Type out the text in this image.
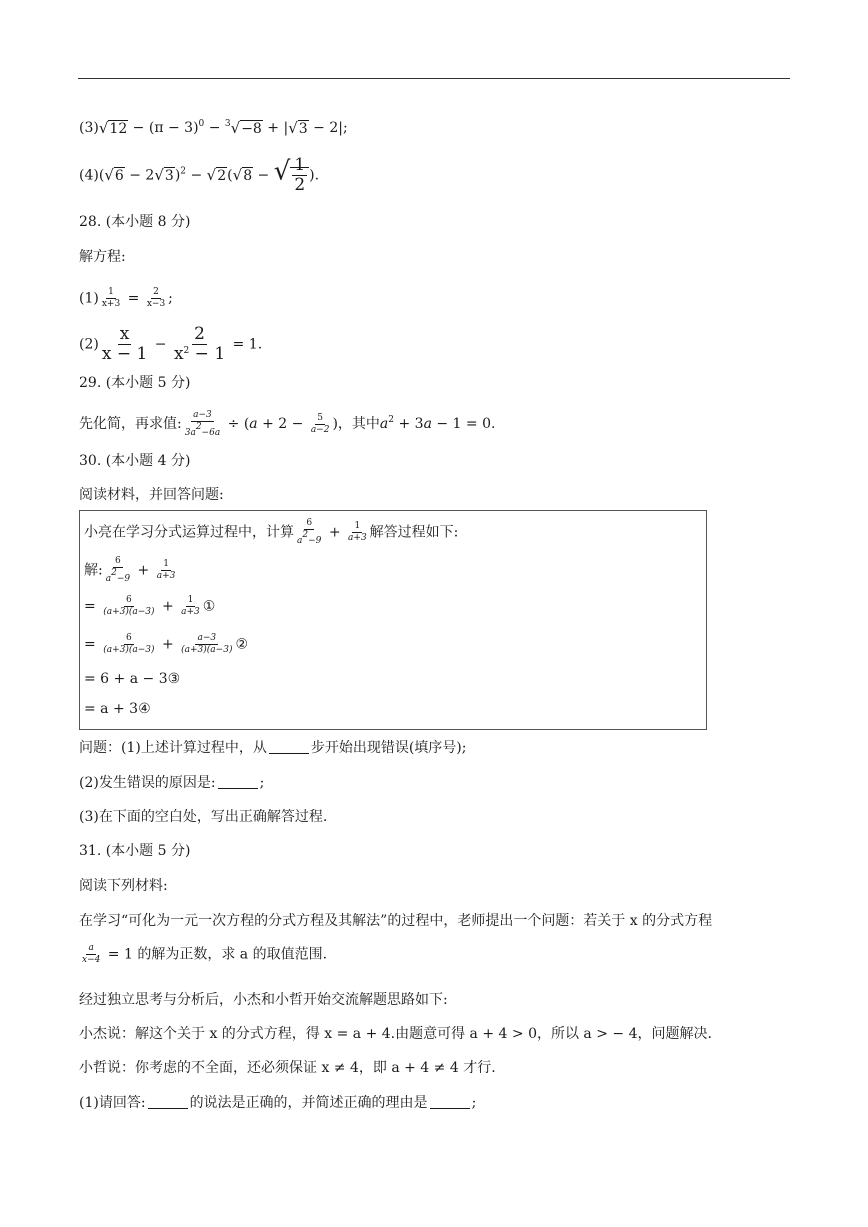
$(3)√12 - (\pi - 3)^0 - ^3√-8 + |√3 - 2|$;
$(4)(√6 - 2√3)^2 - √2(√8$ − √ $\frac{1}{2}$ ).
28. (本小题 8 分)
解方程:
$(1) \frac{1}{x+3} = \frac{2}{x-3}$ ;
$(2) \frac{x}{x - 1} - \frac{2}{x^2 - 1} = 1$.
29. (本小题 5 分)
先化简，再求值: $\frac{a-3}{3a2-6a} \div (a + 2 - \frac{5}{a-2}$ )，其中$a^2 + 3a - 1 = 0$.
30. (本小题 4 分)
阅读材料，并回答问题:
小亮在学习分式运算过程中，计算 $\frac{6}{a2-9} + \frac{1}{a+3}$ 解答过程如下:
解: $\frac{6}{a2-9} + \frac{1}{a+3}$
= $\frac{6}{(a+3)(a-3)} + \frac{1}{a+3}$ ①
= $\frac{6}{(a+3)(a-3)} + \frac{a-3}{(a+3)(a-3)}$ ②
= 6 + a − 3③
= a + 3④
问题：(1)上述计算过程中，从	步开始出现错误(填序号);
(2)发生错误的原因是:	;
(3)在下面的空白处，写出正确解答过程.
31. (本小题 5 分)
阅读下列材料:
在学习“可化为一元一次方程的分式方程及其解法”的过程中，老师提出一个问题：若关于 x 的分式方程
$\frac{a}{x-4} = 1$ 的解为正数，求 a 的取值范围.
经过独立思考与分析后，小杰和小哲开始交流解题思路如下:
小杰说：解这个关于 x 的分式方程，得 x = a + 4.由题意可得 a + 4 > 0，所以 a > − 4，问题解决.
小哲说：你考虑的不全面，还必须保证 x ≠ 4，即 a + 4 ≠ 4 才行.
(1)请回答:	的说法是正确的，并简述正确的理由是	;
